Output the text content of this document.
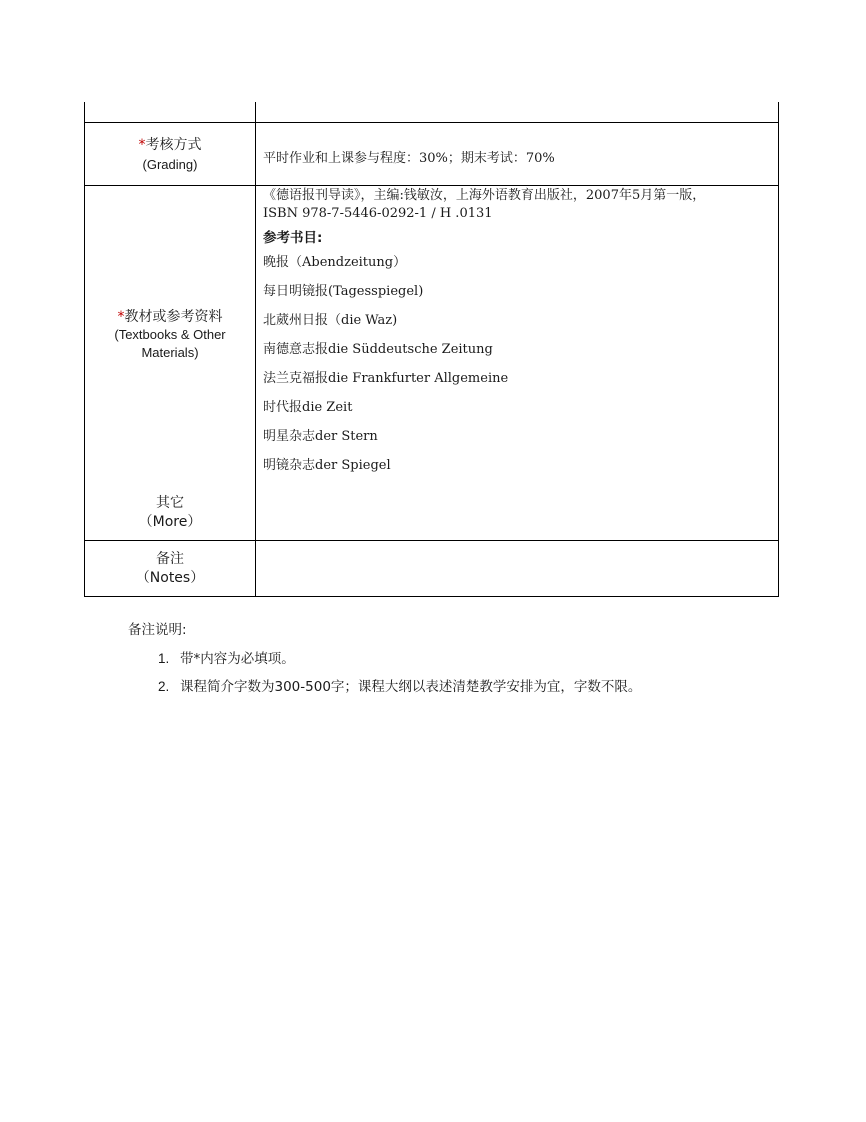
*考核方式
(Grading)	平时作业和上课参与程度：30%；期末考试：70%
*教材或参考资料
(Textbooks & Other
Materials)
《德语报刊导读》，主编:钱敏汝，上海外语教育出版社，2007年5月第一版，
ISBN 978-7-5446-0292-1 / H .0131
参考书目:
晚报（Abendzeitung）
每日明镜报(Tagesspiegel)
北葳州日报（die Waz)
南德意志报die Süddeutsche Zeitung
法兰克福报die Frankfurter Allgemeine
时代报die Zeit
明星杂志der Stern
明镜杂志der Spiegel
其它
（More）
备注
（Notes）
备注说明:
1. 带*内容为必填项。
2. 课程简介字数为300-500字；课程大纲以表述清楚教学安排为宜，字数不限。
